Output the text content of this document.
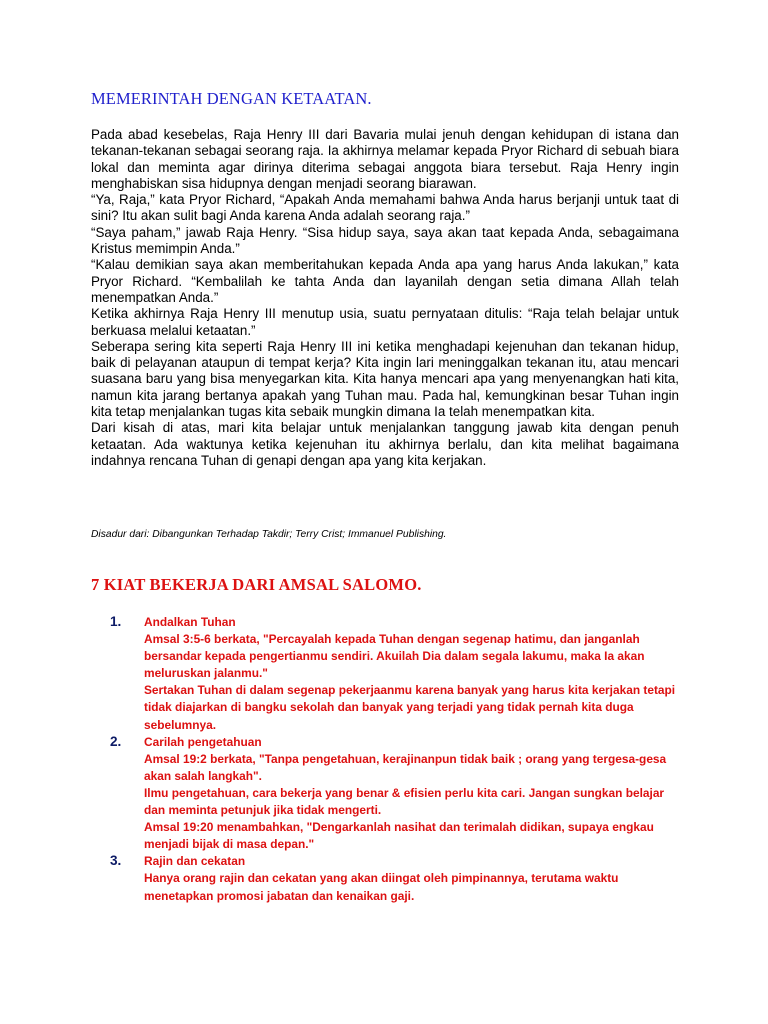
MEMERINTAH DENGAN KETAATAN.

Pada abad kesebelas, Raja Henry III dari Bavaria mulai jenuh dengan kehidupan di istana dan tekanan-tekanan sebagai seorang raja. Ia akhirnya melamar kepada Pryor Richard di sebuah biara lokal dan meminta agar dirinya diterima sebagai anggota biara tersebut. Raja Henry ingin menghabiskan sisa hidupnya dengan menjadi seorang biarawan.

“Ya, Raja,” kata Pryor Richard, “Apakah Anda memahami bahwa Anda harus berjanji untuk taat di sini? Itu akan sulit bagi Anda karena Anda adalah seorang raja.”

“Saya paham,” jawab Raja Henry. “Sisa hidup saya, saya akan taat kepada Anda, sebagaimana Kristus memimpin Anda.”

“Kalau demikian saya akan memberitahukan kepada Anda apa yang harus Anda lakukan,” kata Pryor Richard. “Kembalilah ke tahta Anda dan layanilah dengan setia dimana Allah telah menempatkan Anda.”

Ketika akhirnya Raja Henry III menutup usia, suatu pernyataan ditulis: “Raja telah belajar untuk berkuasa melalui ketaatan.”

Seberapa sering kita seperti Raja Henry III ini ketika menghadapi kejenuhan dan tekanan hidup, baik di pelayanan ataupun di tempat kerja? Kita ingin lari meninggalkan tekanan itu, atau mencari suasana baru yang bisa menyegarkan kita. Kita hanya mencari apa yang menyenangkan hati kita, namun kita jarang bertanya apakah yang Tuhan mau. Pada hal, kemungkinan besar Tuhan ingin kita tetap menjalankan tugas kita sebaik mungkin dimana Ia telah menempatkan kita.

Dari kisah di atas, mari kita belajar untuk menjalankan tanggung jawab kita dengan penuh ketaatan. Ada waktunya ketika kejenuhan itu akhirnya berlalu, dan kita melihat bagaimana indahnya rencana Tuhan di genapi dengan apa yang kita kerjakan.

Disadur dari: Dibangunkan Terhadap Takdir; Terry Crist; Immanuel Publishing.

7 KIAT BEKERJA DARI AMSAL SALOMO.
1. Andalkan Tuhan

Amsal 3:5-6 berkata, "Percayalah kepada Tuhan dengan segenap hatimu, dan janganlah bersandar kepada pengertianmu sendiri. Akuilah Dia dalam segala lakumu, maka Ia akan meluruskan jalanmu."

Sertakan Tuhan di dalam segenap pekerjaanmu karena banyak yang harus kita kerjakan tetapi tidak diajarkan di bangku sekolah dan banyak yang terjadi yang tidak pernah kita duga sebelumnya.

2. Carilah pengetahuan

Amsal 19:2 berkata, "Tanpa pengetahuan, kerajinanpun tidak baik ; orang yang tergesa-gesa akan salah langkah".

Ilmu pengetahuan, cara bekerja yang benar & efisien perlu kita cari. Jangan sungkan belajar dan meminta petunjuk jika tidak mengerti.

Amsal 19:20 menambahkan, "Dengarkanlah nasihat dan terimalah didikan, supaya engkau menjadi bijak di masa depan."

3. Rajin dan cekatan

Hanya orang rajin dan cekatan yang akan diingat oleh pimpinannya, terutama waktu menetapkan promosi jabatan dan kenaikan gaji.
